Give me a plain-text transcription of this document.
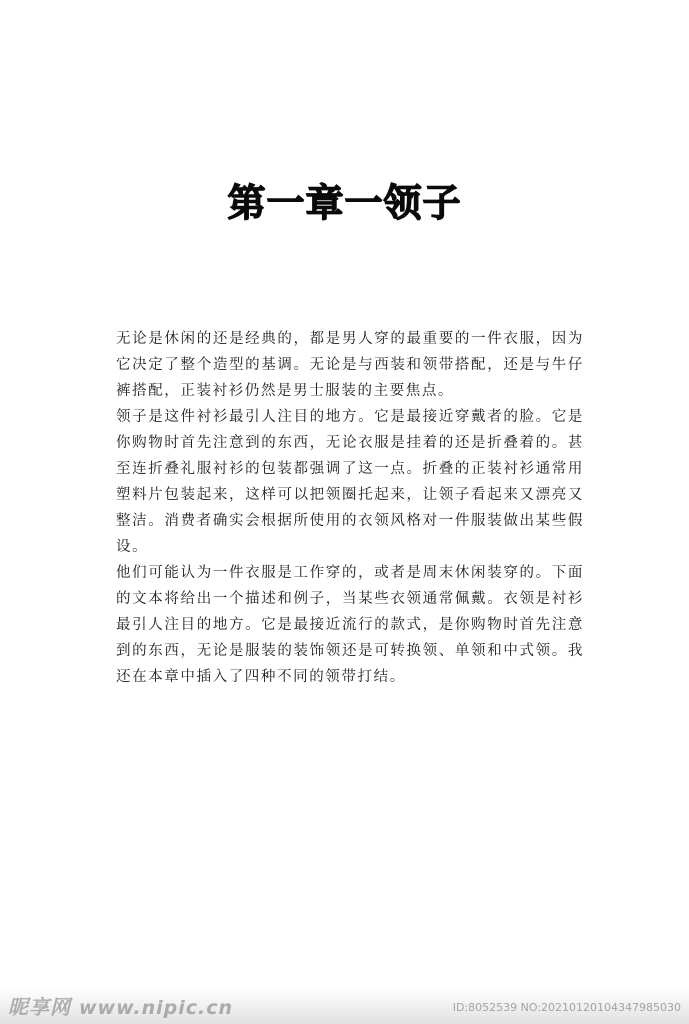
第一章一领子

无论是休闲的还是经典的，都是男人穿的最重要的一件衣服，因为它决定了整个造型的基调。无论是与西装和领带搭配，还是与牛仔裤搭配，正装衬衫仍然是男士服装的主要焦点。

领子是这件衬衫最引人注目的地方。它是最接近穿戴者的脸。它是你购物时首先注意到的东西，无论衣服是挂着的还是折叠着的。甚至连折叠礼服衬衫的包装都强调了这一点。折叠的正装衬衫通常用塑料片包装起来，这样可以把领圈托起来，让领子看起来又漂亮又整洁。消费者确实会根据所使用的衣领风格对一件服装做出某些假设。

他们可能认为一件衣服是工作穿的，或者是周末休闲装穿的。下面的文本将给出一个描述和例子，当某些衣领通常佩戴。衣领是衬衫最引人注目的地方。它是最接近流行的款式，是你购物时首先注意到的东西，无论是服装的装饰领还是可转换领、单领和中式领。我还在本章中插入了四种不同的领带打结。

昵享网 www.nipic.cn	ID:8052539 NO:20210120104347985030
